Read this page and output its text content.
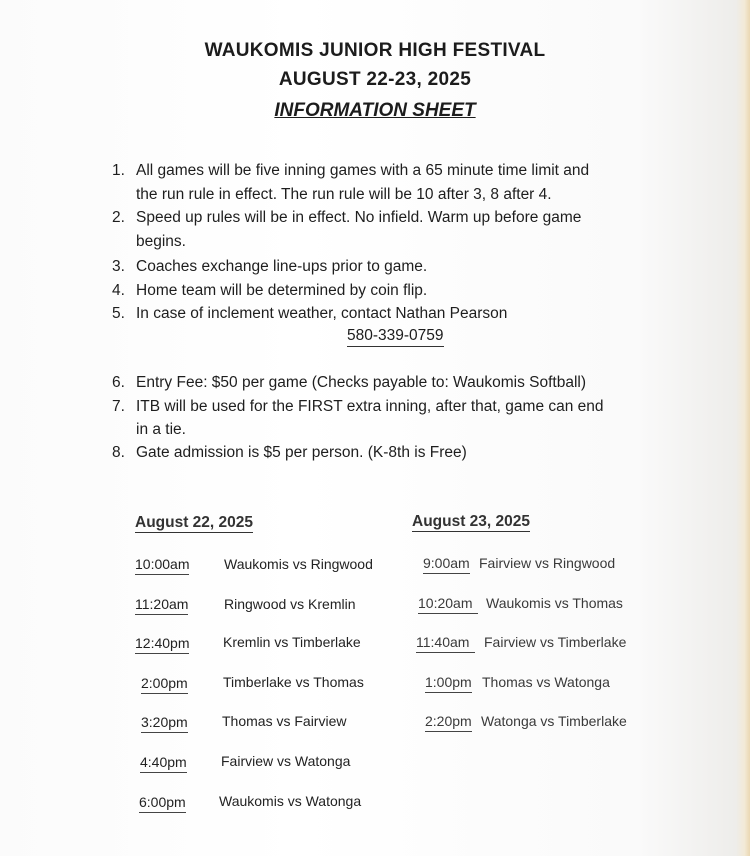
WAUKOMIS JUNIOR HIGH FESTIVAL
AUGUST 22-23, 2025
INFORMATION SHEET
1. All games will be five inning games with a 65 minute time limit and
the run rule in effect. The run rule will be 10 after 3, 8 after 4.
2. Speed up rules will be in effect. No infield. Warm up before game
begins.
3. Coaches exchange line-ups prior to game.
4. Home team will be determined by coin flip.
5. In case of inclement weather, contact Nathan Pearson
580-339-0759
6. Entry Fee: $50 per game (Checks payable to: Waukomis Softball)
7. ITB will be used for the FIRST extra inning, after that, game can end
in a tie.
8. Gate admission is $5 per person. (K-8th is Free)
August 22, 2025
10:00am Waukomis vs Ringwood
11:20am	Ringwood vs Kremlin
12:40pm Kremlin vs Timberlake
2:00pm	Timberlake vs Thomas
3:20pm Thomas vs Fairview
4:40pm Fairview vs Watonga
6:00pm Waukomis vs Watonga
August 23, 2025
9:00am Fairview vs Ringwood
10:20am Waukomis vs Thomas
11:40am	Fairview vs Timberlake
1:00pm Thomas vs Watonga
2:20pm Watonga vs Timberlake
